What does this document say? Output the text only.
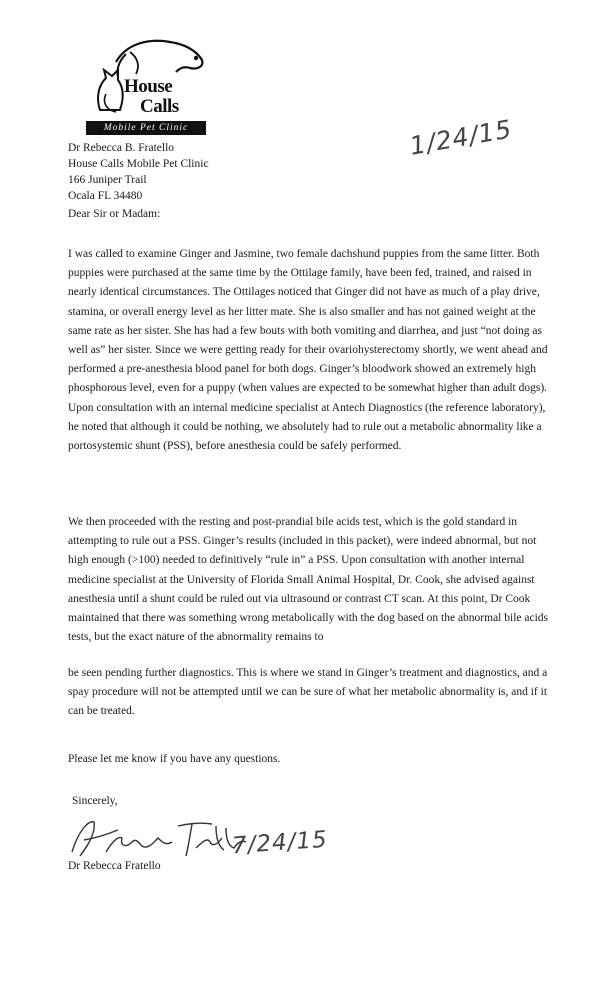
House
Calls
Mobile Pet Clinic
Dr Rebecca B. Fratello
House Calls Mobile Pet Clinic
166 Juniper Trail
Ocala FL 34480
1/24/15
Dear Sir or Madam:

I was called to examine Ginger and Jasmine, two female dachshund puppies from the same litter. Both puppies were purchased at the same time by the Ottilage family, have been fed, trained, and raised in nearly identical circumstances. The Ottilages noticed that Ginger did not have as much of a play drive, stamina, or overall energy level as her litter mate. She is also smaller and has not gained weight at the same rate as her sister. She has had a few bouts with both vomiting and diarrhea, and just “not doing as well as” her sister. Since we were getting ready for their ovariohysterectomy shortly, we went ahead and performed a pre-anesthesia blood panel for both dogs. Ginger’s bloodwork showed an extremely high phosphorous level, even for a puppy (when values are expected to be somewhat higher than adult dogs). Upon consultation with an internal medicine specialist at Antech Diagnostics (the reference laboratory), he noted that although it could be nothing, we absolutely had to rule out a metabolic abnormality like a portosystemic shunt (PSS), before anesthesia could be safely performed.

We then proceeded with the resting and post-prandial bile acids test, which is the gold standard in attempting to rule out a PSS. Ginger’s results (included in this packet), were indeed abnormal, but not high enough (>100) needed to definitively “rule in” a PSS. Upon consultation with another internal medicine specialist at the University of Florida Small Animal Hospital, Dr. Cook, she advised against anesthesia until a shunt could be ruled out via ultrasound or contrast CT scan. At this point, Dr Cook maintained that there was something wrong metabolically with the dog based on the abnormal bile acids tests, but the exact nature of the abnormality remains to

be seen pending further diagnostics. This is where we stand in Ginger’s treatment and diagnostics, and a spay procedure will not be attempted until we can be sure of what her metabolic abnormality is, and if it can be treated.

Please let me know if you have any questions.

Sincerely,
7/24/15
Dr Rebecca Fratello
